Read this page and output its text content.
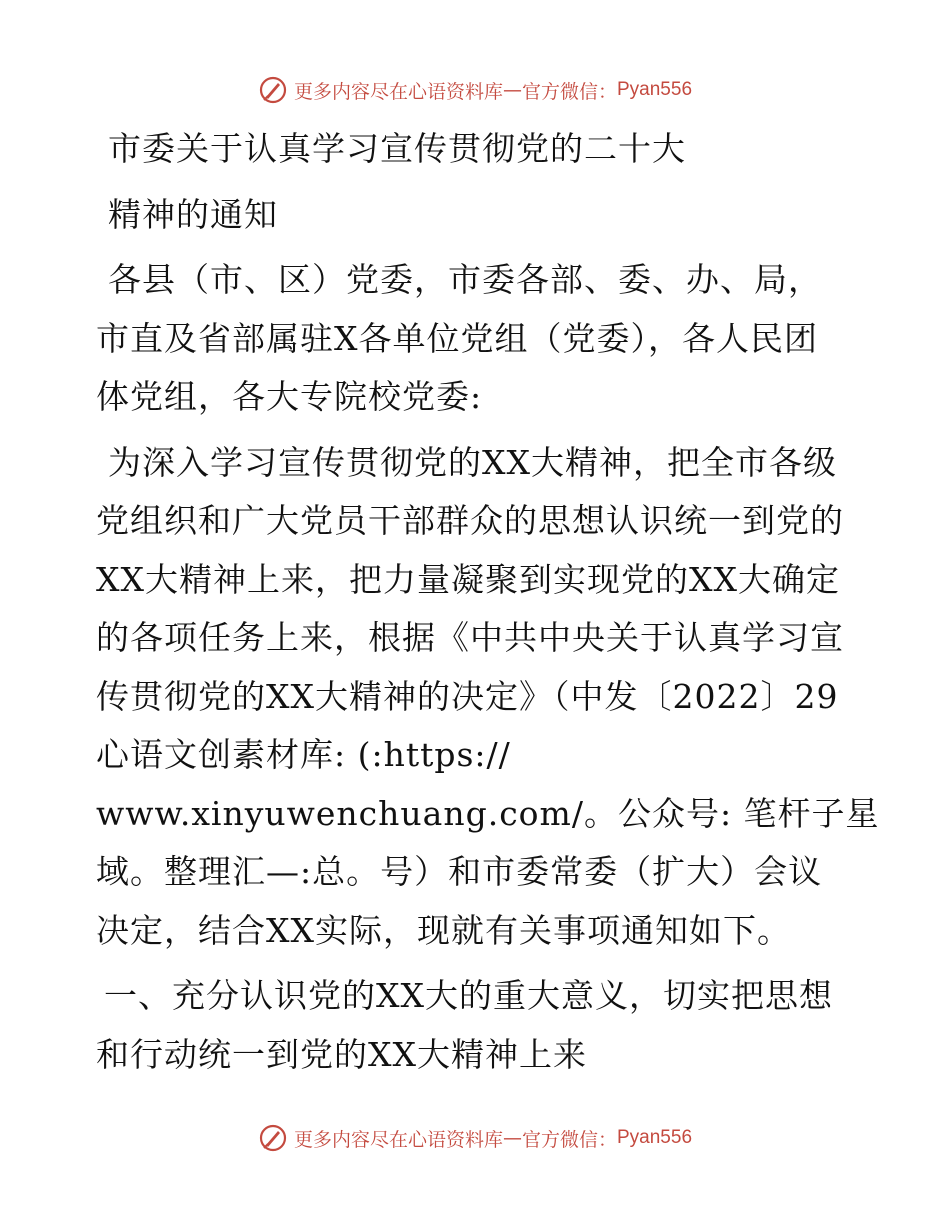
更多内容尽在心语资料库 — 官方微信： Pyan556
市委关于认真学习宣传贯彻党的二十大
精神的通知
各县（市、区）党委，市委各部、委、办、局，
市直及省部属驻X各单位党组（党委），各人民团
体党组，各大专院校党委:
为深入学习宣传贯彻党的XX大精神，把全市各级
党组织和广大党员干部群众的思想认识统一到党的
XX大精神上来，把力量凝聚到实现党的XX大确定
的各项任务上来，根据《中共中央关于认真学习宣
传贯彻党的XX大精神的决定》（中发〔2022〕29
心语文创素材库: (:https://
www.xinyuwenchuang.com/。公众号: 笔杆子星
域。整理汇—:总。号）和市委常委（扩大）会议
决定，结合XX实际，现就有关事项通知如下。
一、充分认识党的XX大的重大意义，切实把思想
和行动统一到党的XX大精神上来
更多内容尽在心语资料库 — 官方微信： Pyan556
